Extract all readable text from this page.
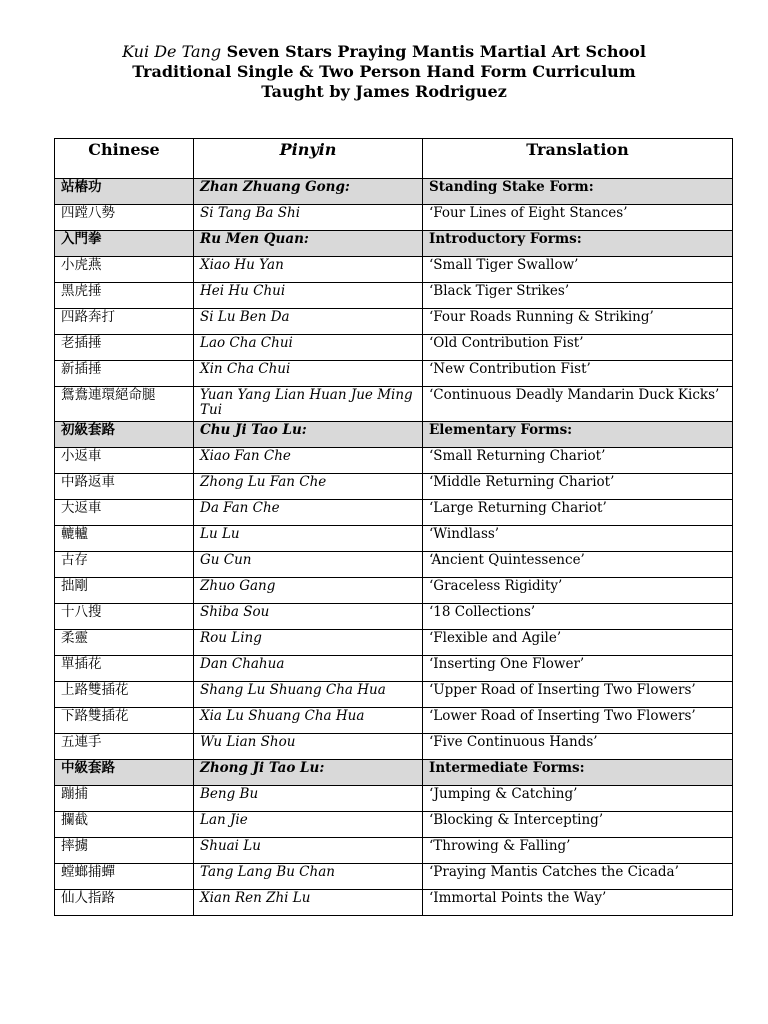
Kui De Tang Seven Stars Praying Mantis Martial Art School
Traditional Single & Two Person Hand Form Curriculum
Taught by James Rodriguez
Chinese	Pinyin	Translation
站樁功	Zhan Zhuang Gong:	Standing Stake Form:
四蹚八勢	Si Tang Ba Shi	‘Four Lines of Eight Stances’
入門拳	Ru Men Quan:	Introductory Forms:
小虎燕	Xiao Hu Yan	‘Small Tiger Swallow’
黑虎捶	Hei Hu Chui	‘Black Tiger Strikes’
四路奔打	Si Lu Ben Da	‘Four Roads Running & Striking’
老插捶	Lao Cha Chui	‘Old Contribution Fist’
新插捶	Xin Cha Chui	‘New Contribution Fist’
鴛鴦連環絕命腿	Yuan Yang Lian Huan Jue Ming Tui	‘Continuous Deadly Mandarin Duck Kicks’
初級套路	Chu Ji Tao Lu:	Elementary Forms:
小返車	Xiao Fan Che	‘Small Returning Chariot’
中路返車	Zhong Lu Fan Che	‘Middle Returning Chariot’
大返車	Da Fan Che	‘Large Returning Chariot’
轆轤	Lu Lu	‘Windlass’
古存	Gu Cun	‘Ancient Quintessence’
拙剛	Zhuo Gang	‘Graceless Rigidity’
十八搜	Shiba Sou	‘18 Collections’
柔靈	Rou Ling	‘Flexible and Agile’
單插花	Dan Chahua	‘Inserting One Flower’
上路雙插花	Shang Lu Shuang Cha Hua	‘Upper Road of Inserting Two Flowers’
下路雙插花	Xia Lu Shuang Cha Hua	‘Lower Road of Inserting Two Flowers’
五連手	Wu Lian Shou	‘Five Continuous Hands’
中級套路	Zhong Ji Tao Lu:	Intermediate Forms:
蹦捕	Beng Bu	‘Jumping & Catching’
攔截	Lan Jie	‘Blocking & Intercepting’
摔擄	Shuai Lu	‘Throwing & Falling’
螳螂捕蟬	Tang Lang Bu Chan	‘Praying Mantis Catches the Cicada’
仙人指路	Xian Ren Zhi Lu	‘Immortal Points the Way’
